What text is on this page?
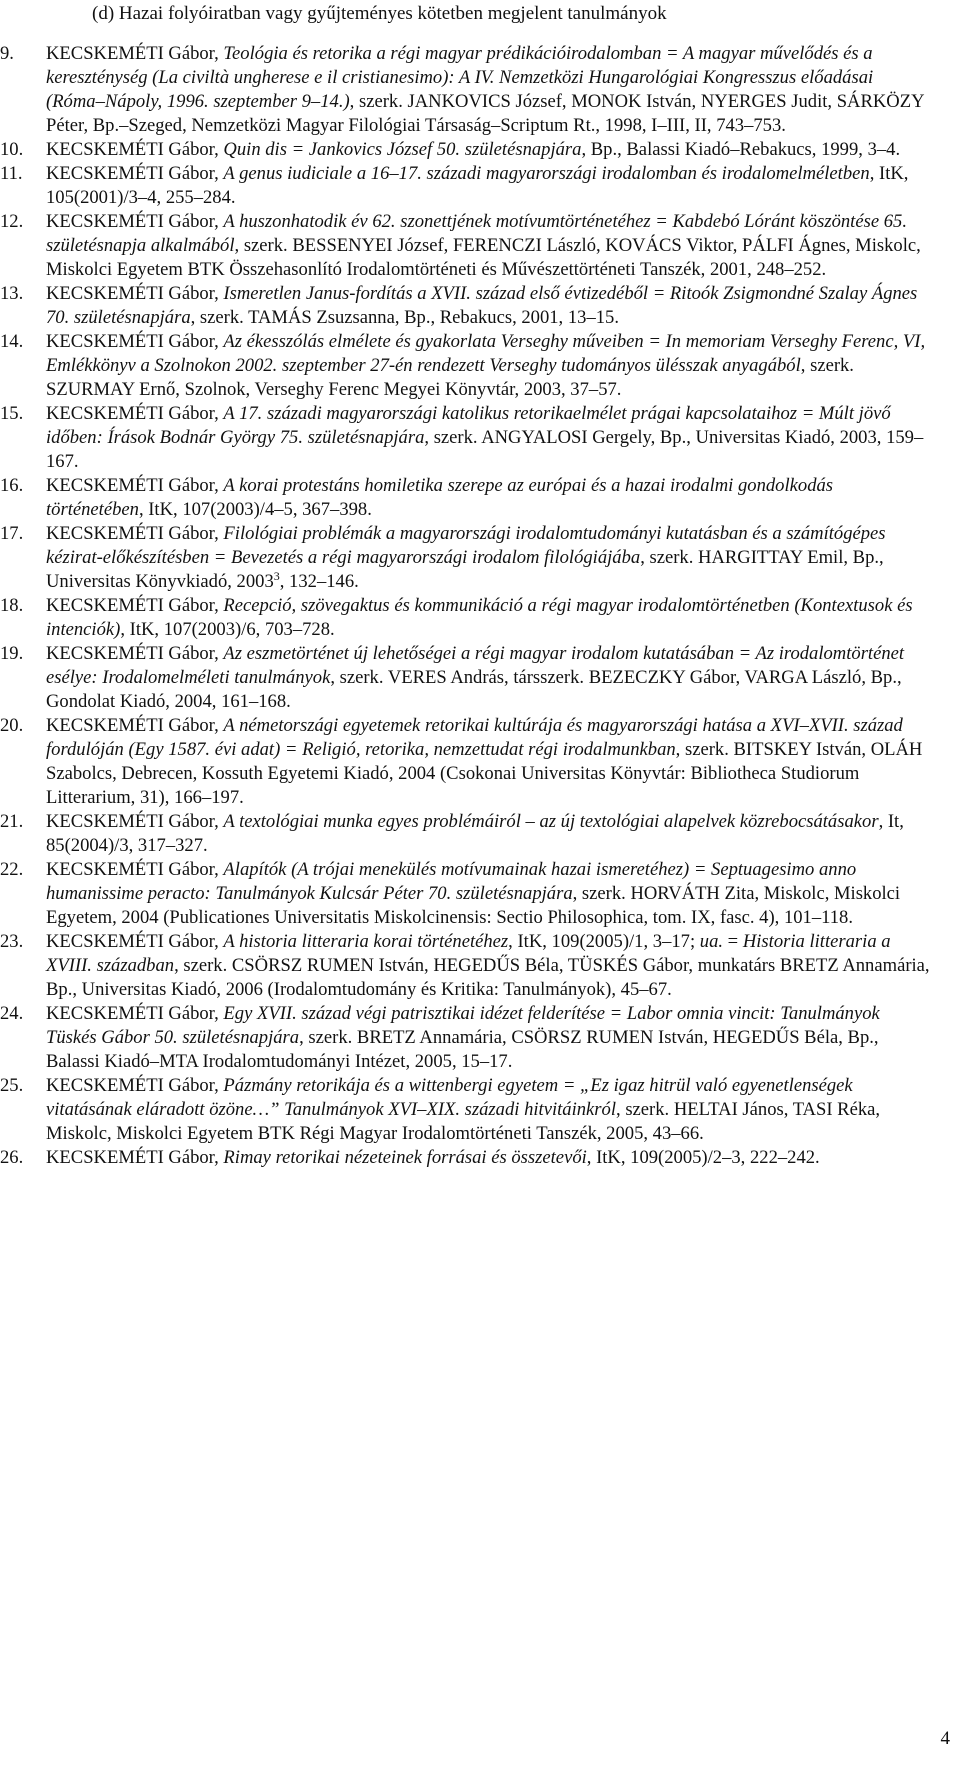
(d) Hazai folyóiratban vagy gyűjteményes kötetben megjelent tanulmányok
9.	KECSKEMÉTI Gábor, Teológia és retorika a régi magyar prédikációirodalomban = A magyar művelődés és a kereszténység (La civiltà ungherese e il cristianesimo): A IV. Nemzetközi Hungarológiai Kongresszus előadásai (Róma–Nápoly, 1996. szeptember 9–14.), szerk. JANKOVICS József, MONOK István, NYERGES Judit, SÁRKÖZY Péter, Bp.–Szeged, Nemzetközi Magyar Filológiai Társaság–Scriptum Rt., 1998, I–III, II, 743–753.
10.	KECSKEMÉTI Gábor, Quin dis = Jankovics József 50. születésnapjára, Bp., Balassi Kiadó–Rebakucs, 1999, 3–4.
11.	KECSKEMÉTI Gábor, A genus iudiciale a 16–17. századi magyarországi irodalomban és irodalomelméletben, ItK, 105(2001)/3–4, 255–284.
12.	KECSKEMÉTI Gábor, A huszonhatodik év 62. szonettjének motívumtörténetéhez = Kabdebó Lóránt köszöntése 65. születésnapja alkalmából, szerk. BESSENYEI József, FERENCZI László, KOVÁCS Viktor, PÁLFI Ágnes, Miskolc, Miskolci Egyetem BTK Összehasonlító Irodalomtörténeti és Művészettörténeti Tanszék, 2001, 248–252.
13.	KECSKEMÉTI Gábor, Ismeretlen Janus-fordítás a XVII. század első évtizedéből = Ritoók Zsigmondné Szalay Ágnes 70. születésnapjára, szerk. TAMÁS Zsuzsanna, Bp., Rebakucs, 2001, 13–15.
14.	KECSKEMÉTI Gábor, Az ékesszólás elmélete és gyakorlata Verseghy műveiben = In memoriam Verseghy Ferenc, VI, Emlékkönyv a Szolnokon 2002. szeptember 27-én rendezett Verseghy tudományos ülésszak anyagából, szerk. SZURMAY Ernő, Szolnok, Verseghy Ferenc Megyei Könyvtár, 2003, 37–57.
15.	KECSKEMÉTI Gábor, A 17. századi magyarországi katolikus retorikaelmélet prágai kapcsolataihoz = Múlt jövő időben: Írások Bodnár György 75. születésnapjára, szerk. ANGYALOSI Gergely, Bp., Universitas Kiadó, 2003, 159–167.
16.	KECSKEMÉTI Gábor, A korai protestáns homiletika szerepe az európai és a hazai irodalmi gondolkodás történetében, ItK, 107(2003)/4–5, 367–398.
17.	KECSKEMÉTI Gábor, Filológiai problémák a magyarországi irodalomtudományi kutatásban és a számítógépes kézirat-előkészítésben = Bevezetés a régi magyarországi irodalom filológiájába, szerk. HARGITTAY Emil, Bp., Universitas Könyvkiadó, 2003$^3$, 132–146.
18.	KECSKEMÉTI Gábor, Recepció, szövegaktus és kommunikáció a régi magyar irodalomtörténetben (Kontextusok és intenciók), ItK, 107(2003)/6, 703–728.
19.	KECSKEMÉTI Gábor, Az eszmetörténet új lehetőségei a régi magyar irodalom kutatásában = Az irodalomtörténet esélye: Irodalomelméleti tanulmányok, szerk. VERES András, társszerk. BEZECZKY Gábor, VARGA László, Bp., Gondolat Kiadó, 2004, 161–168.
20.	KECSKEMÉTI Gábor, A németországi egyetemek retorikai kultúrája és magyarországi hatása a XVI–XVII. század fordulóján (Egy 1587. évi adat) = Religió, retorika, nemzettudat régi irodalmunkban, szerk. BITSKEY István, OLÁH Szabolcs, Debrecen, Kossuth Egyetemi Kiadó, 2004 (Csokonai Universitas Könyvtár: Bibliotheca Studiorum Litterarium, 31), 166–197.
21.	KECSKEMÉTI Gábor, A textológiai munka egyes problémáiról – az új textológiai alapelvek közrebocsátásakor, It, 85(2004)/3, 317–327.
22.	KECSKEMÉTI Gábor, Alapítók (A trójai menekülés motívumainak hazai ismeretéhez) = Septuagesimo anno humanissime peracto: Tanulmányok Kulcsár Péter 70. születésnapjára, szerk. HORVÁTH Zita, Miskolc, Miskolci Egyetem, 2004 (Publicationes Universitatis Miskolcinensis: Sectio Philosophica, tom. IX, fasc. 4), 101–118.
23.	KECSKEMÉTI Gábor, A historia litteraria korai történetéhez, ItK, 109(2005)/1, 3–17; ua. = Historia litteraria a XVIII. században, szerk. CSÖRSZ RUMEN István, HEGEDŰS Béla, TÜSKÉS Gábor, munkatárs BRETZ Annamária, Bp., Universitas Kiadó, 2006 (Irodalomtudomány és Kritika: Tanulmányok), 45–67.
24.	KECSKEMÉTI Gábor, Egy XVII. század végi patrisztikai idézet felderítése = Labor omnia vincit: Tanulmányok Tüskés Gábor 50. születésnapjára, szerk. BRETZ Annamária, CSÖRSZ RUMEN István, HEGEDŰS Béla, Bp., Balassi Kiadó–MTA Irodalomtudományi Intézet, 2005, 15–17.
25.	KECSKEMÉTI Gábor, Pázmány retorikája és a wittenbergi egyetem = „Ez igaz hitrül való egyenetlenségek vitatásának eláradott özöne…” Tanulmányok XVI–XIX. századi hitvitáinkról, szerk. HELTAI János, TASI Réka, Miskolc, Miskolci Egyetem BTK Régi Magyar Irodalomtörténeti Tanszék, 2005, 43–66.
26.	KECSKEMÉTI Gábor, Rimay retorikai nézeteinek forrásai és összetevői, ItK, 109(2005)/2–3, 222–242.
4
